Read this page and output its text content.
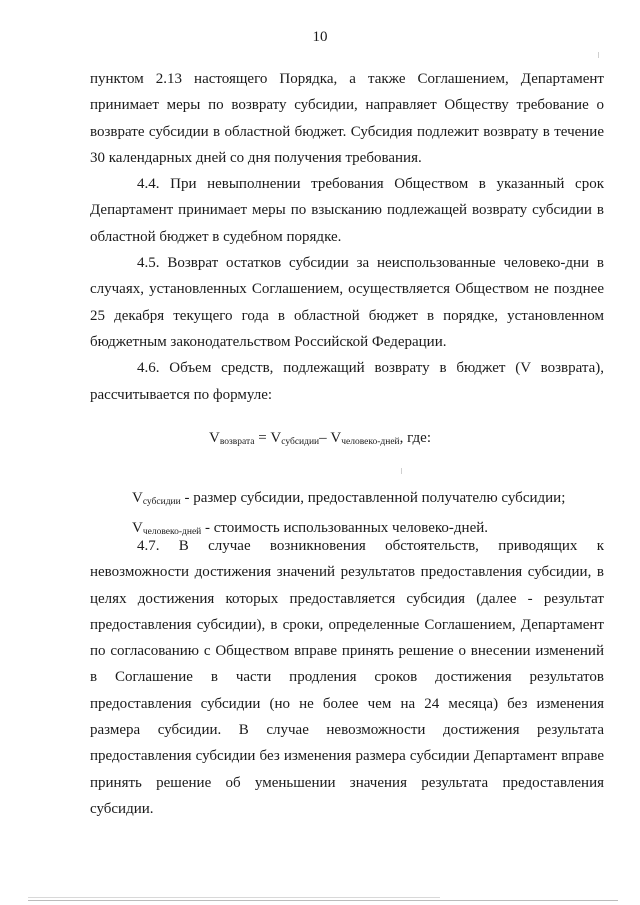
10

пунктом 2.13 настоящего Порядка, а также Соглашением, Департамент принимает меры по возврату субсидии, направляет Обществу требование о возврате субсидии в областной бюджет. Субсидия подлежит возврату в течение 30 календарных дней со дня получения требования.

4.4. При невыполнении требования Обществом в указанный срок Департамент принимает меры по взысканию подлежащей возврату субсидии в областной бюджет в судебном порядке.

4.5. Возврат остатков субсидии за неиспользованные человеко-дни в случаях, установленных Соглашением, осуществляется Обществом не позднее 25 декабря текущего года в областной бюджет в порядке, установленном бюджетным законодательством Российской Федерации.

4.6. Объем средств, подлежащий возврату в бюджет (V возврата), рассчитывается по формуле:

$V_{возврата} = V_{субсидии}-$ $V_{человеко-дней}$, где:

$V_{субсидии}$ - размер субсидии, предоставленной получателю субсидии;

$V_{человеко-дней}$ - стоимость использованных человеко-дней.

4.7. В случае возникновения обстоятельств, приводящих к невозможности достижения значений результатов предоставления субсидии, в целях достижения которых предоставляется субсидия (далее - результат предоставления субсидии), в сроки, определенные Соглашением, Департамент по согласованию с Обществом вправе принять решение о внесении изменений в Соглашение в части продления сроков достижения результатов предоставления субсидии (но не более чем на 24 месяца) без изменения размера субсидии. В случае невозможности достижения результата предоставления субсидии без изменения размера субсидии Департамент вправе принять решение об уменьшении значения результата предоставления субсидии.
